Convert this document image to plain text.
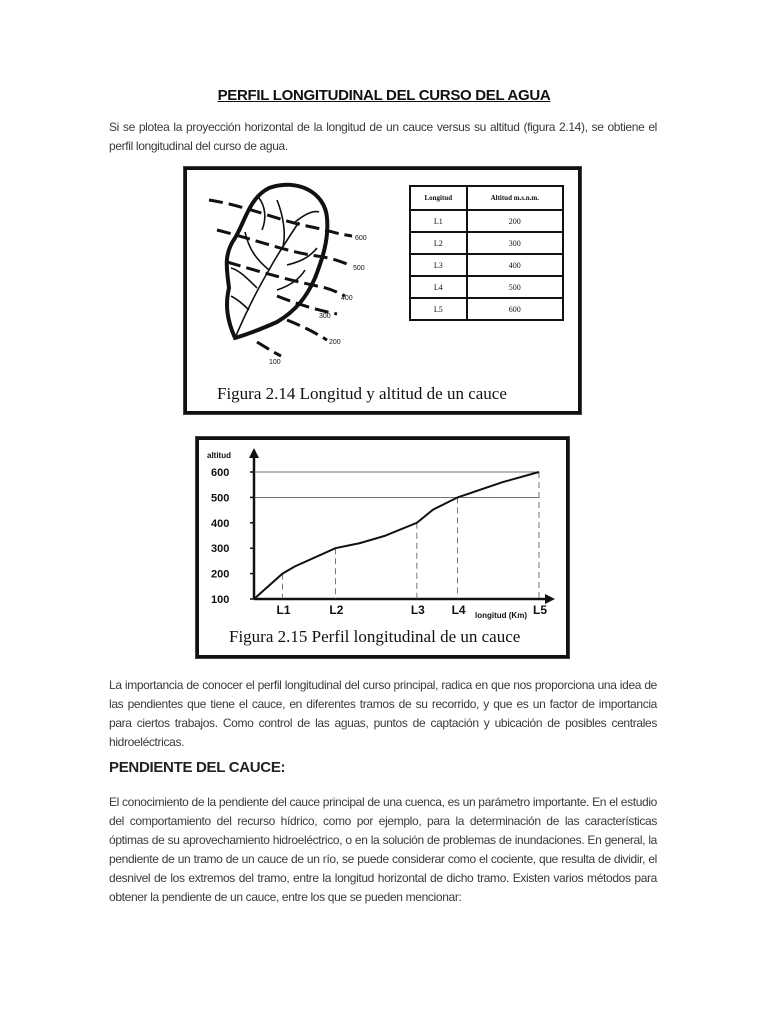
PERFIL LONGITUDINAL DEL CURSO DEL AGUA
Si se plotea la proyección horizontal de la longitud de un cauce versus su altitud (figura 2.14), se obtiene el perfil longitudinal del curso de agua.
600
500
400
300
200
100
Longitud	Altitud m.s.n.m.
L1	200
L2	300
L3	400
L4	500
L5	600
Figura 2.14 Longitud y altitud de un cauce
altitud
longitud (Km)
100
200
300
400
500
600
L1	L2	L3 L4	L5
Figura 2.15 Perfil longitudinal de un cauce
La importancia de conocer el perfil longitudinal del curso principal, radica en que nos proporciona una idea de las pendientes que tiene el cauce, en diferentes tramos de su recorrido, y que es un factor de importancia para ciertos trabajos. Como control de las aguas, puntos de captación y ubicación de posibles centrales hidroeléctricas.
PENDIENTE DEL CAUCE:
El conocimiento de la pendiente del cauce principal de una cuenca, es un parámetro importante. En el estudio del comportamiento del recurso hídrico, como por ejemplo, para la determinación de las características óptimas de su aprovechamiento hidroeléctrico, o en la solución de problemas de inundaciones. En general, la pendiente de un tramo de un cauce de un río, se puede considerar como el cociente, que resulta de dividir, el desnivel de los extremos del tramo, entre la longitud horizontal de dicho tramo. Existen varios métodos para obtener la pendiente de un cauce, entre los que se pueden mencionar:
